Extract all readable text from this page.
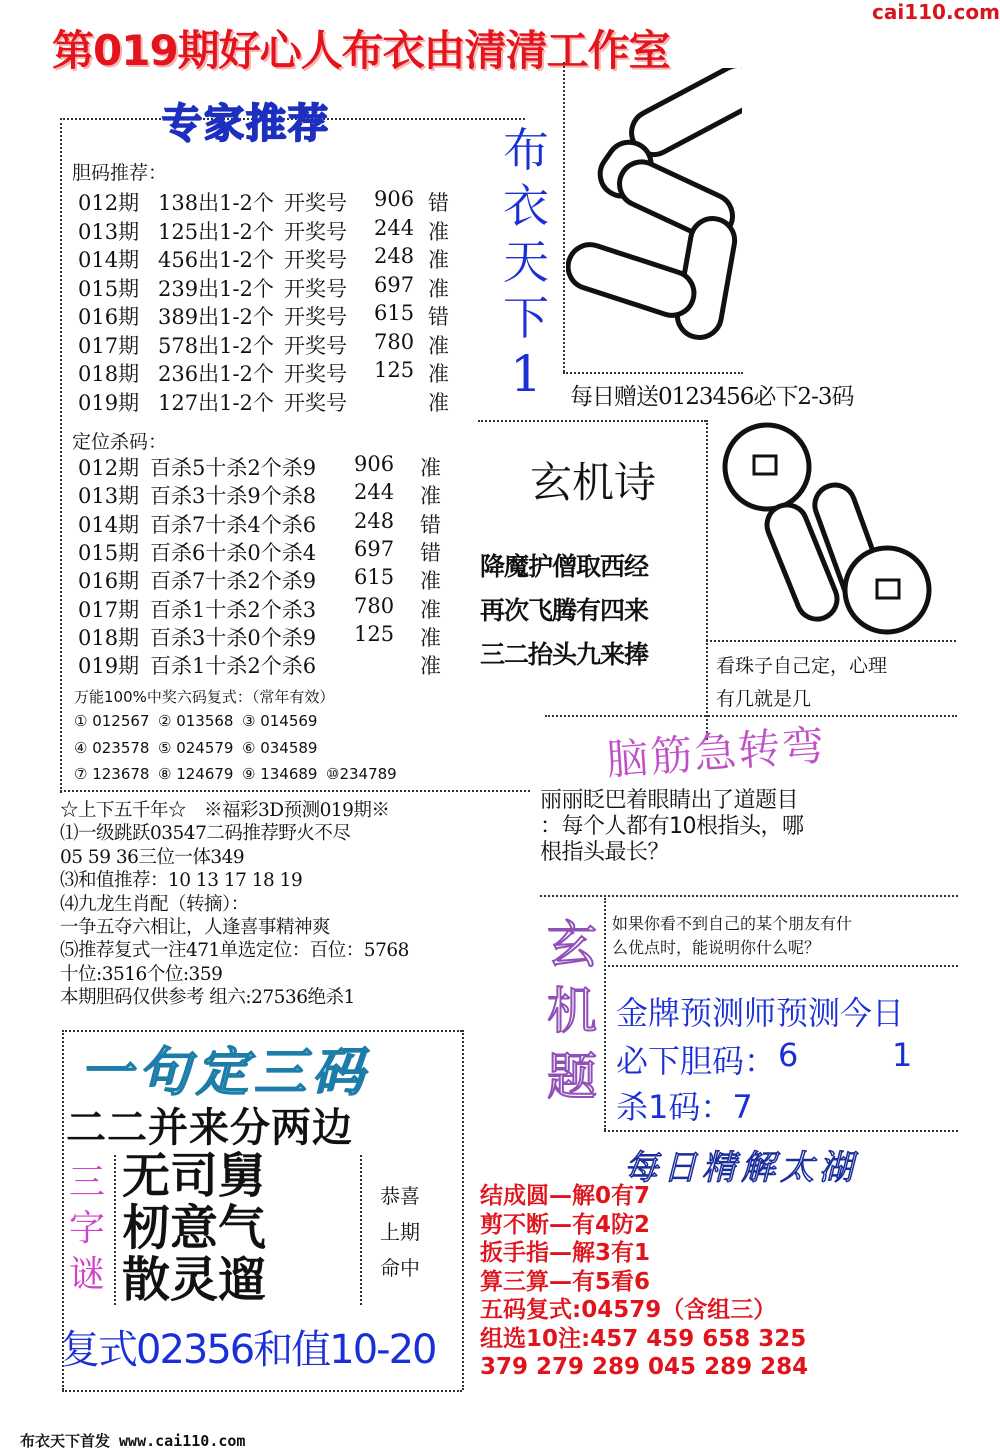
第019期好心人布衣由清清工作室
cai110.com
专家推荐
胆码推荐：
012期 138出1-2个 开奖号 906 错
013期 125出1-2个 开奖号 244 准
014期 456出1-2个 开奖号 248 准
015期 239出1-2个 开奖号 697 准
016期 389出1-2个 开奖号 615 错
017期 578出1-2个 开奖号 780 准
018期 236出1-2个 开奖号 125 准
019期 127出1-2个 开奖号	准
定位杀码：
012期 百杀5十杀2个杀9 906 准
013期 百杀3十杀9个杀8 244 准
014期 百杀7十杀4个杀6 248 错
015期 百杀6十杀0个杀4 697 错
016期 百杀7十杀2个杀9 615 准
017期 百杀1十杀2个杀3 780 准
018期 百杀3十杀0个杀9 125 准
019期 百杀1十杀2个杀6	准
万能100%中奖六码复式：（常年有效）
① 012567 ② 013568 ③ 014569
④ 023578 ⑤ 024579 ⑥ 034589
⑦ 123678 ⑧ 124679 ⑨ 134689 ⑩234789
☆上下五千年☆　※福彩3D预测019期※
⑴一级跳跃03547二码推荐野火不尽
05 59 36三位一体349
⑶和值推荐：10 13 17 18 19
⑷九龙生肖配（转摘）：
一争五夺六相让，人逢喜事精神爽
⑸推荐复式一注471单选定位：百位：5768
十位:3516个位:359
本期胆码仅供参考 组六:27536绝杀1
一句定三码
二二并来分两边
三
字
谜
无司舅
杒意气
散灵遛
恭喜
上期
命中
复式02356和值10-20
布
衣
天
下
1	每日赠送0123456必下2-3码
玄机诗
降魔护僧取西经
再次飞腾有四来
三二抬头九来捧	看珠子自己定，心理
有几就是几
脑筋急转弯
丽丽眨巴着眼睛出了道题目
：每个人都有10根指头，哪
根指头最长？
玄
机
题
如果你看不到自己的某个朋友有什
么优点时，能说明你什么呢？
金牌预测师预测今日
必下胆码： 6	1
杀1码：7
每日精解太湖
结成圆—解0有7
剪不断—有4防2
扳手指—解3有1
算三算—有5看6
五码复式:04579（含组三）
组选10注:457 459 658 325
379 279 289 045 289 284
布衣天下首发 www.cai110.com
